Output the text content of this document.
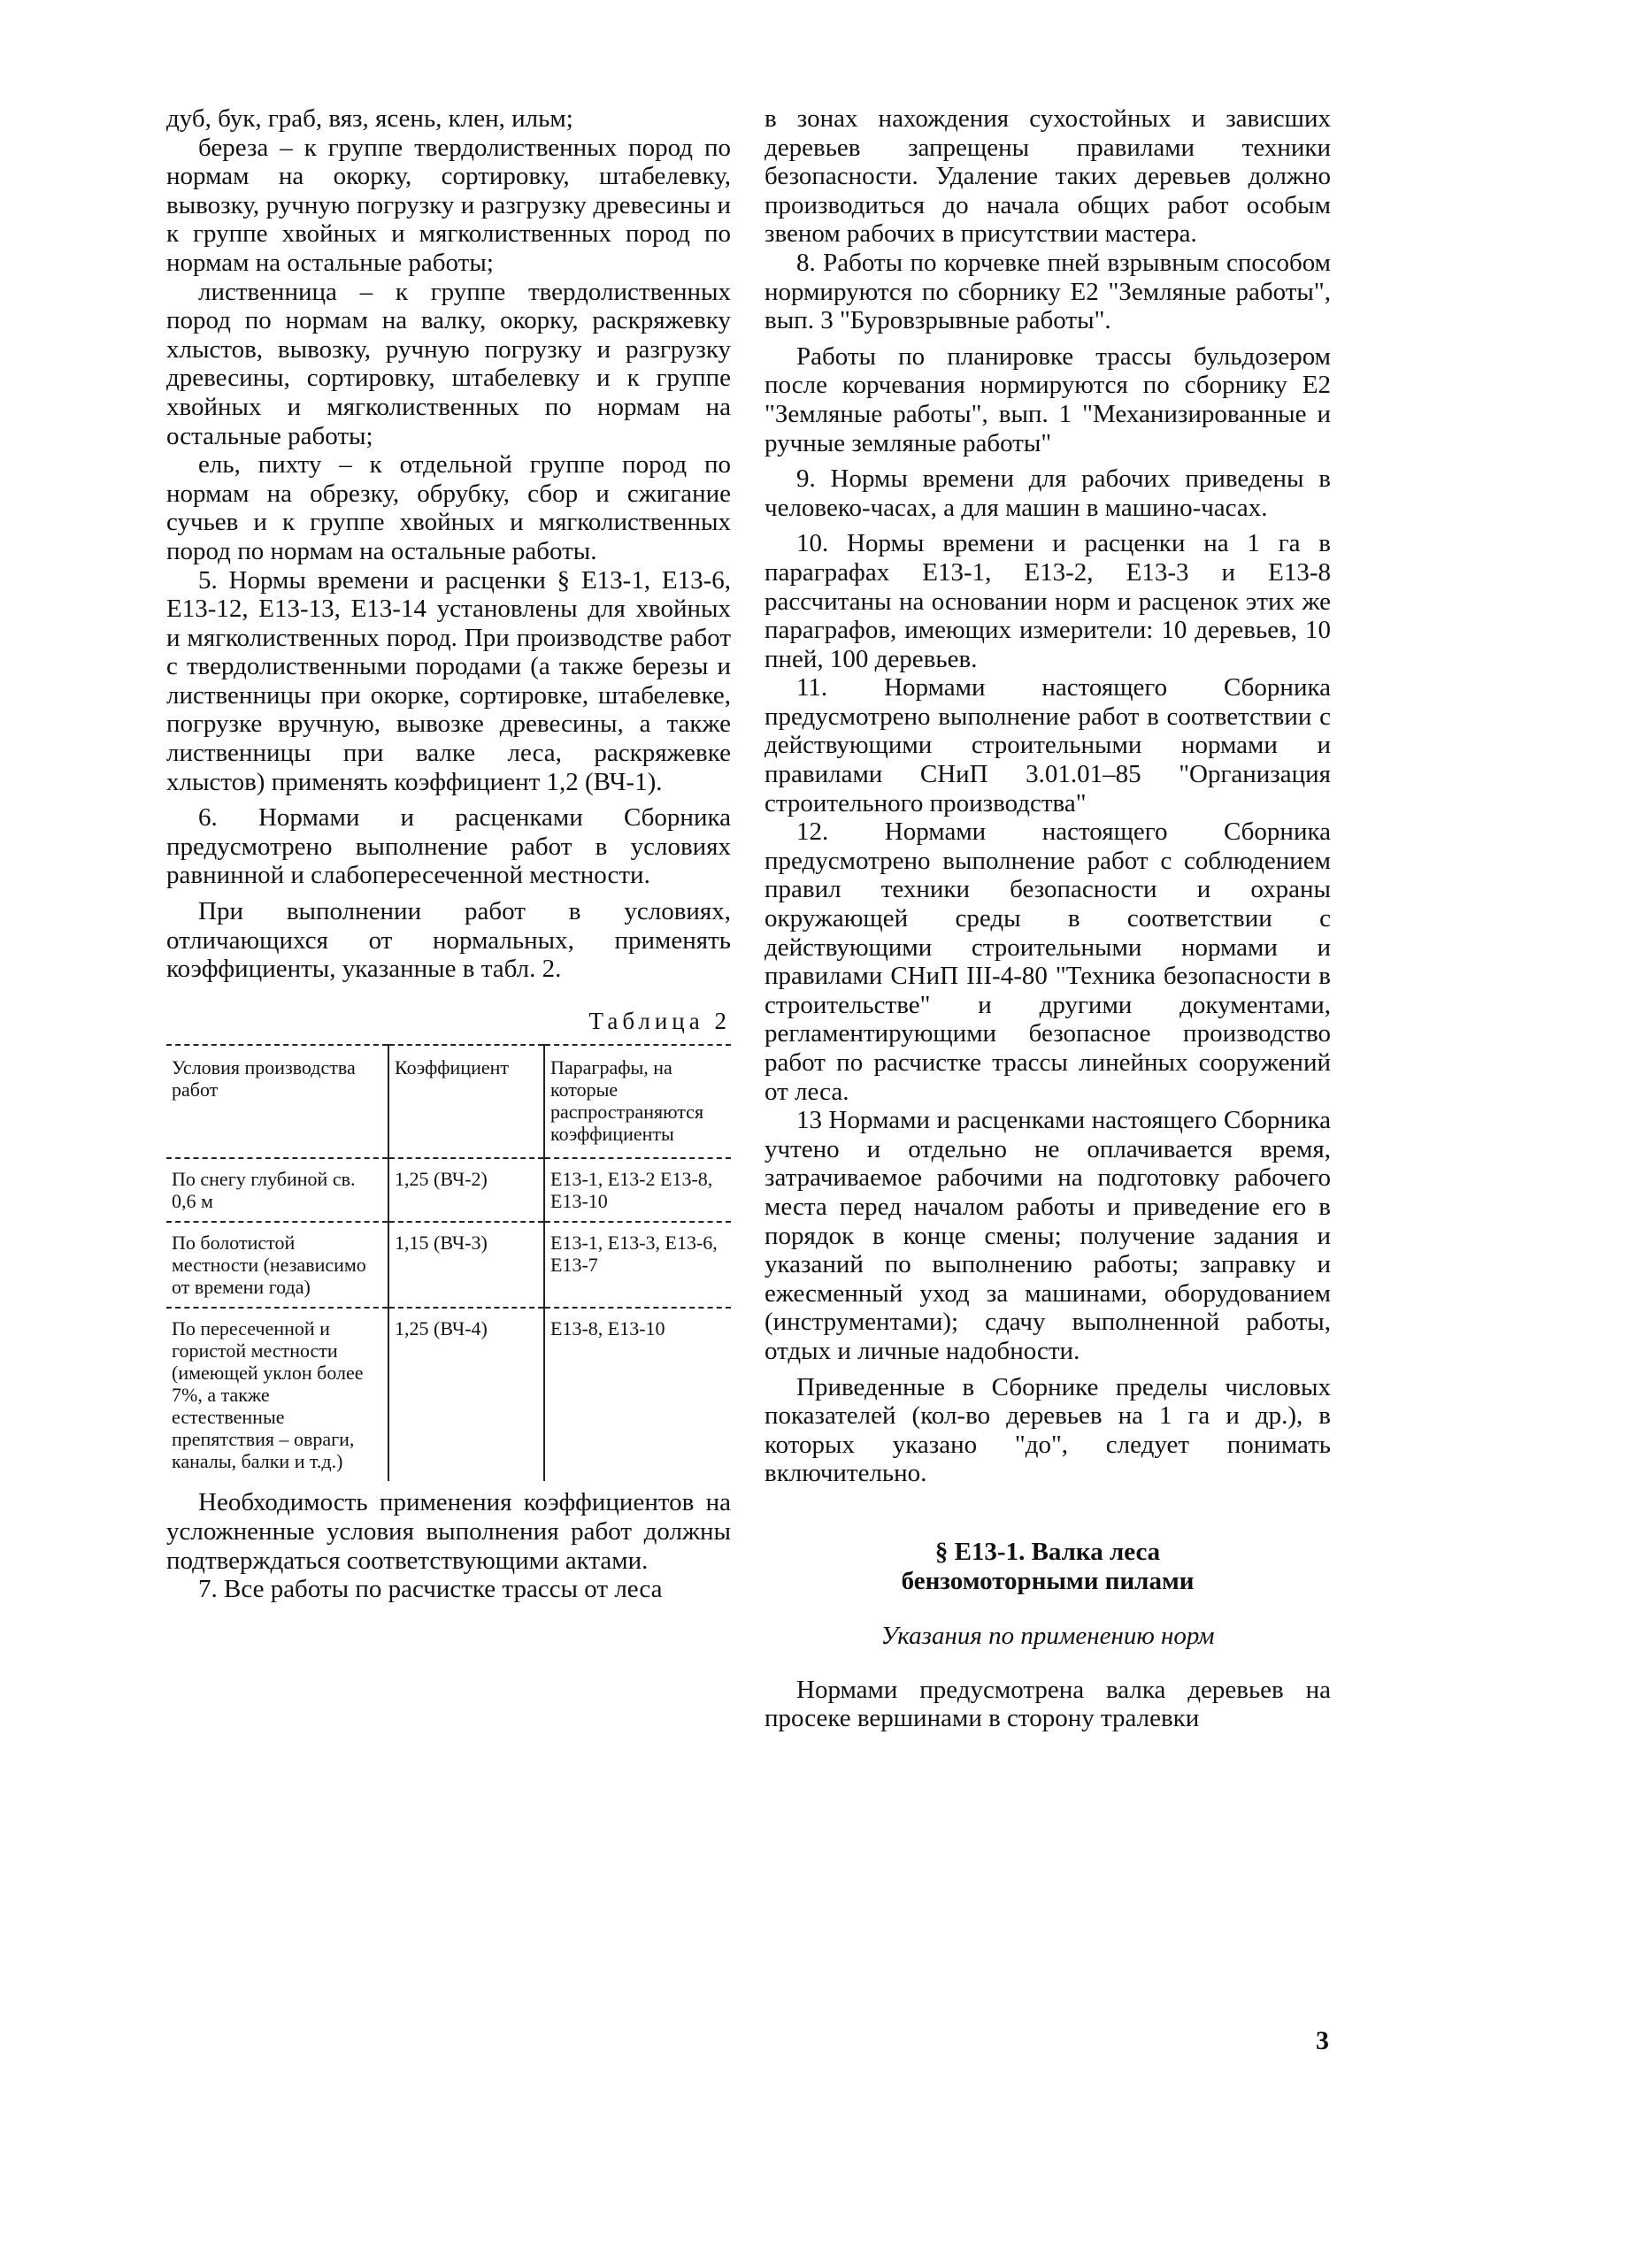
дуб, бук, граб, вяз, ясень, клен, ильм;

береза – к группе твердолиственных пород по нормам на окорку, сортировку, штабелевку, вывозку, ручную погрузку и разгрузку древесины и к группе хвойных и мягколиственных пород по нормам на остальные работы;

лиственница – к группе твердолиственных пород по нормам на валку, окорку, раскряжевку хлыстов, вывозку, ручную погрузку и разгрузку древесины, сортировку, штабелевку и к группе хвойных и мягколиственных по нормам на остальные работы;

ель, пихту – к отдельной группе пород по нормам на обрезку, обрубку, сбор и сжигание сучьев и к группе хвойных и мягколиственных пород по нормам на остальные работы.

5. Нормы времени и расценки § Е13-1, Е13-6, Е13-12, Е13-13, Е13-14 установлены для хвойных и мягколиственных пород. При производстве работ с твердолиственными породами (а также березы и лиственницы при окорке, сортировке, штабелевке, погрузке вручную, вывозке древесины, а также лиственницы при валке леса, раскряжевке хлыстов) применять коэффициент 1,2 (ВЧ-1).

6. Нормами и расценками Сборника предусмотрено выполнение работ в условиях равнинной и слабопересеченной местности.

При выполнении работ в условиях, отличающихся от нормальных, применять коэффициенты, указанные в табл. 2.

Таблица 2

Условия производства работ	Коэффициент	Параграфы, на которые распространяются коэффициенты
По снегу глубиной св. 0,6 м	1,25 (ВЧ-2)	Е13-1, Е13-2 Е13-8, Е13-10
По болотистой местности (независимо от времени года)	1,15 (ВЧ-3)	Е13-1, Е13-3, Е13-6, Е13-7
По пересеченной и гористой местности (имеющей уклон более 7%, а также естественные препятствия – овраги, каналы, балки и т.д.)	1,25 (ВЧ-4)	Е13-8, Е13-10

Необходимость применения коэффициентов на усложненные условия выполнения работ должны подтверждаться соответствующими актами.

7. Все работы по расчистке трассы от леса

в зонах нахождения сухостойных и зависших деревьев запрещены правилами техники безопасности. Удаление таких деревьев должно производиться до начала общих работ особым звеном рабочих в присутствии мастера.

8. Работы по корчевке пней взрывным способом нормируются по сборнику Е2 "Земляные работы", вып. 3 "Буровзрывные работы".

Работы по планировке трассы бульдозером после корчевания нормируются по сборнику Е2 "Земляные работы", вып. 1 "Механизированные и ручные земляные работы"

9. Нормы времени для рабочих приведены в человеко-часах, а для машин в машино-часах.

10. Нормы времени и расценки на 1 га в параграфах Е13-1, Е13-2, Е13-3 и Е13-8 рассчитаны на основании норм и расценок этих же параграфов, имеющих измерители: 10 деревьев, 10 пней, 100 деревьев.

11. Нормами настоящего Сборника предусмотрено выполнение работ в соответствии с действующими строительными нормами и правилами СНиП 3.01.01–85 "Организация строительного производства"

12. Нормами настоящего Сборника предусмотрено выполнение работ с соблюдением правил техники безопасности и охраны окружающей среды в соответствии с действующими строительными нормами и правилами СНиП III-4-80 "Техника безопасности в строительстве" и другими документами, регламентирующими безопасное производство работ по расчистке трассы линейных сооружений от леса.

13 Нормами и расценками настоящего Сборника учтено и отдельно не оплачивается время, затрачиваемое рабочими на подготовку рабочего места перед началом работы и приведение его в порядок в конце смены; получение задания и указаний по выполнению работы; заправку и ежесменный уход за машинами, оборудованием (инструментами); сдачу выполненной работы, отдых и личные надобности.

Приведенные в Сборнике пределы числовых показателей (кол-во деревьев на 1 га и др.), в которых указано "до", следует понимать включительно.

§ Е13-1. Валка леса
бензомоторными пилами

Указания по применению норм

Нормами предусмотрена валка деревьев на просеке вершинами в сторону тралевки

3
